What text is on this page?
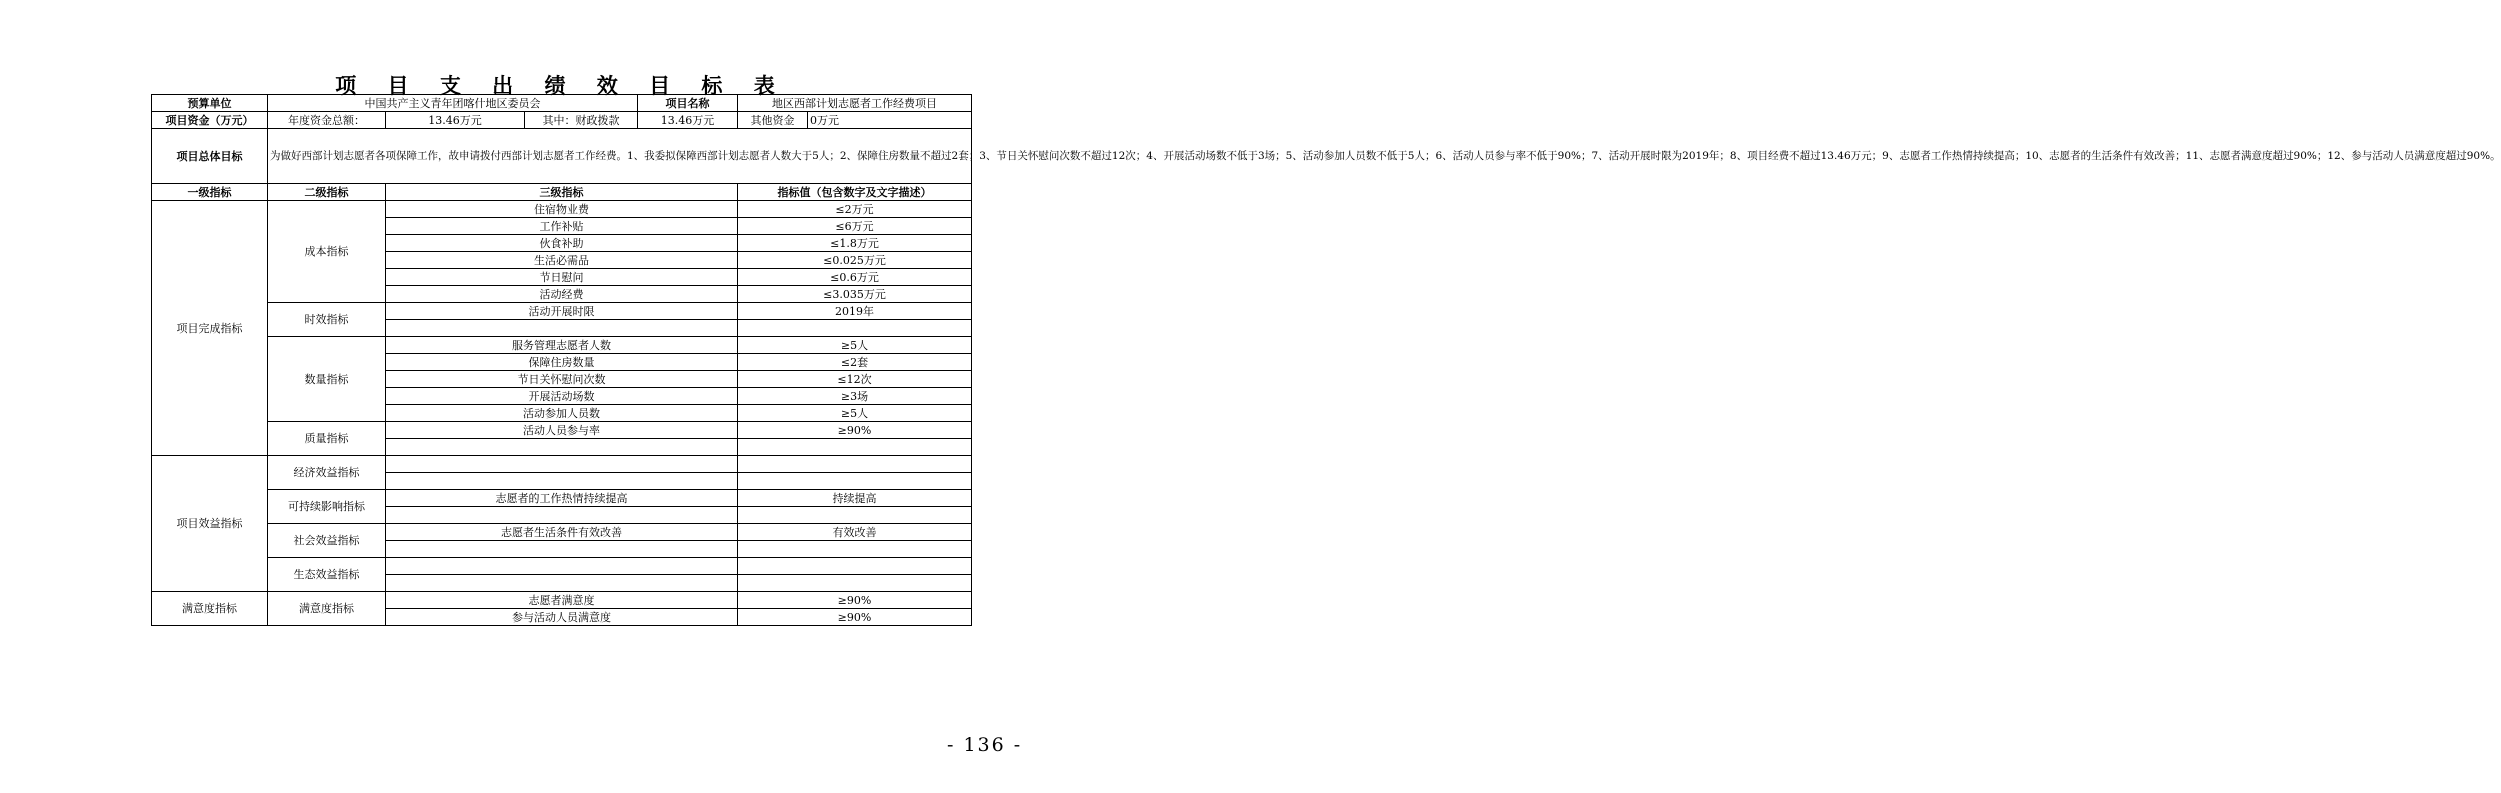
项 目 支 出 绩 效 目 标 表
预算单位	中国共产主义青年团喀什地区委员会			项目名称	地区西部计划志愿者工作经费项目	
项目资金（万元）	年度资金总额：	13.46万元	其中：财政拨款	13.46万元	其他资金	0万元
项目总体目标	为做好西部计划志愿者各项保障工作，故申请拨付西部计划志愿者工作经费。1、我委拟保障西部计划志愿者人数大于5人；2、保障住房数量不超过2套；3、节日关怀慰问次数不超过12次；4、开展活动场数不低于3场；5、活动参加人员数不低于5人；6、活动人员参与率不低于90%；7、活动开展时限为2019年；8、项目经费不超过13.46万元；9、志愿者工作热情持续提高；10、志愿者的生活条件有效改善；11、志愿者满意度超过90%；12、参与活动人员满意度超过90%。					
一级指标	二级指标	三级指标			指标值（包含数字及文字描述）	
项目完成指标	成本指标	住宿物业费			≤2万元	
		工作补贴			≤6万元	
		伙食补助			≤1.8万元	
		生活必需品			≤0.025万元	
		节日慰问			≤0.6万元	
		活动经费			≤3.035万元	
	时效指标	活动开展时限			2019年	

	数量指标	服务管理志愿者人数			≥5人	
		保障住房数量			≤2套	
		节日关怀慰问次数			≤12次	
		开展活动场数			≥3场	
		活动参加人员数			≥5人	
	质量指标	活动人员参与率			≥90%	

项目效益指标	经济效益指标					

	可持续影响指标	志愿者的工作热情持续提高			持续提高	

	社会效益指标	志愿者生活条件有效改善			有效改善	

	生态效益指标					

满意度指标	满意度指标	志愿者满意度			≥90%	
		参与活动人员满意度			≥90%	
- 136 -
